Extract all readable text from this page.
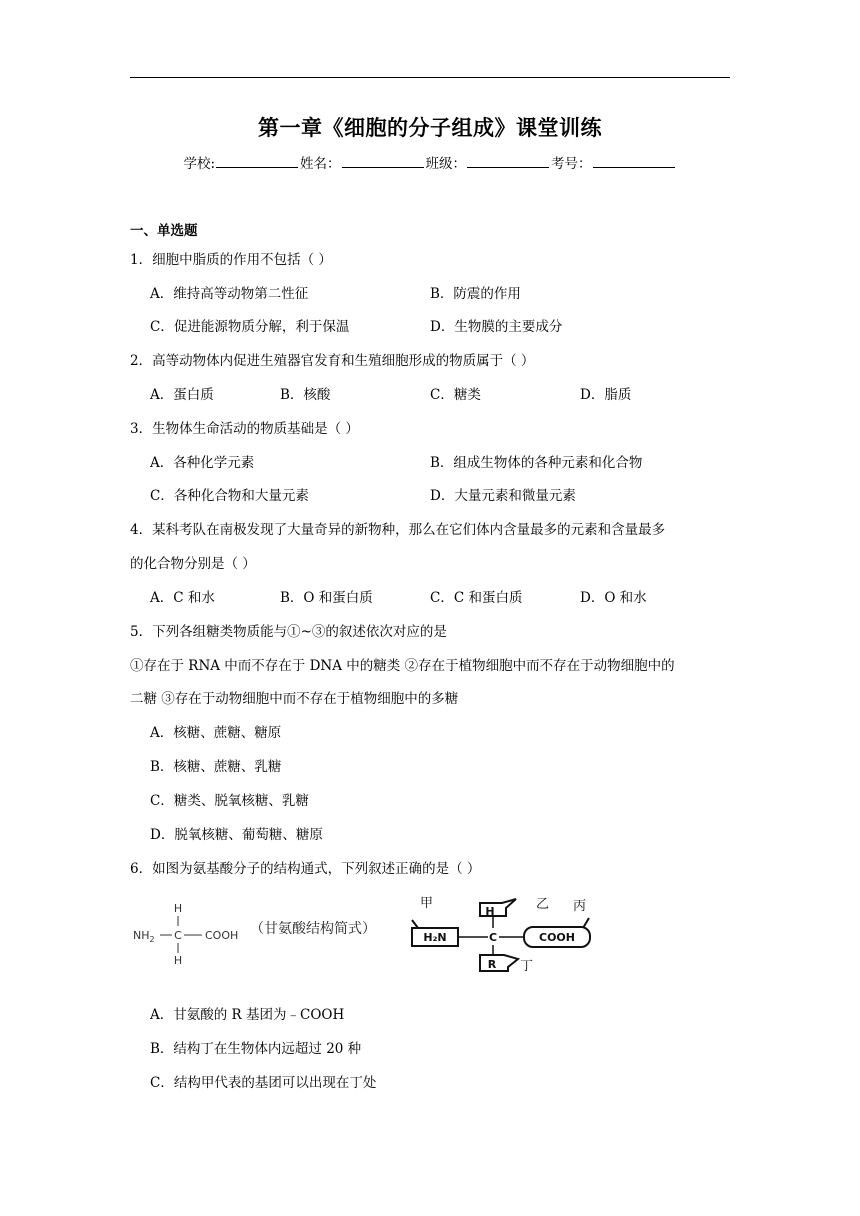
第一章《细胞的分子组成》课堂训练
学校:	姓名：	班级：	考号：
一、单选题
1．细胞中脂质的作用不包括（ ）
A．维持高等动物第二性征	B．防震的作用
C．促进能源物质分解，利于保温	D．生物膜的主要成分
2．高等动物体内促进生殖器官发育和生殖细胞形成的物质属于（ ）
A．蛋白质	B．核酸	C．糖类	D．脂质
3．生物体生命活动的物质基础是（ ）
A．各种化学元素	B．组成生物体的各种元素和化合物
C．各种化合物和大量元素	D．大量元素和微量元素
4．某科考队在南极发现了大量奇异的新物种，那么在它们体内含量最多的元素和含量最多
的化合物分别是（ ）
A．C 和水	B．O 和蛋白质	C．C 和蛋白质	D．O 和水
5．下列各组糖类物质能与①~③的叙述依次对应的是
①存在于 RNA 中而不存在于 DNA 中的糖类 ②存在于植物细胞中而不存在于动物细胞中的
二糖 ③存在于动物细胞中而不存在于植物细胞中的多糖
A．核糖、蔗糖、糖原
B．核糖、蔗糖、乳糖
C．糖类、脱氧核糖、乳糖
D．脱氧核糖、葡萄糖、糖原
6．如图为氨基酸分子的结构通式，下列叙述正确的是（ ）
H
$NH_2$ C COOH
H
（甘氨酸结构简式）
甲	乙 丙
H
H₂N	C	COOH
R 丁
A．甘氨酸的 R 基团为﹣COOH
B．结构丁在生物体内远超过 20 种
C．结构甲代表的基团可以出现在丁处
